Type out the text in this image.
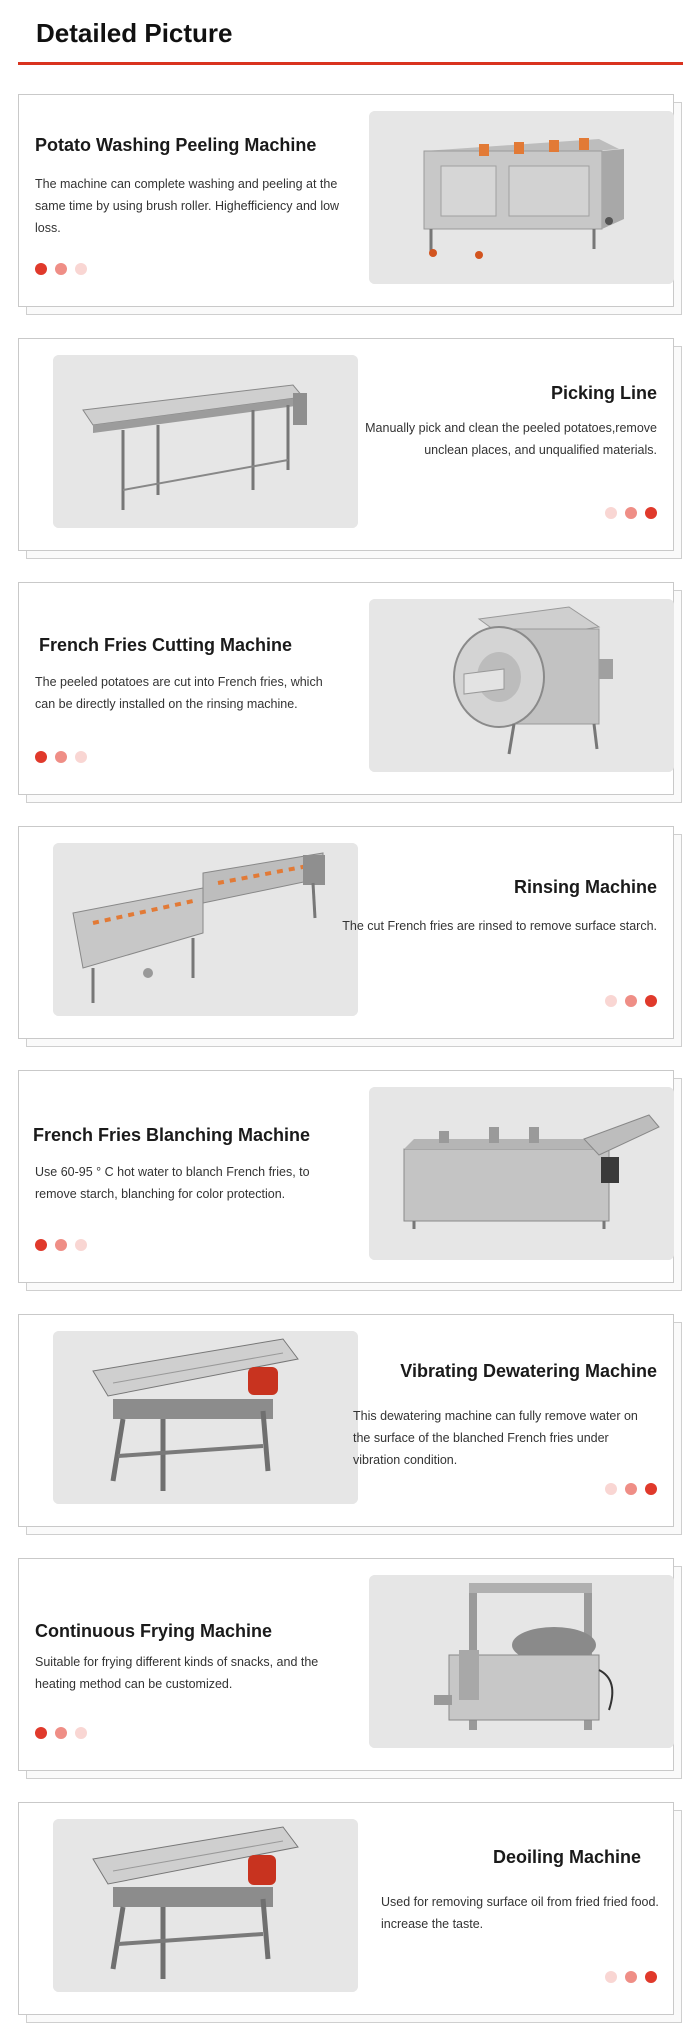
Detailed Picture
Potato Washing Peeling Machine
The machine can complete washing and peeling at the same time by using brush roller. Highefficiency and low loss.
Picking Line
Manually pick and clean the peeled potatoes,remove unclean places, and unqualified materials.
French Fries Cutting Machine
The peeled potatoes are cut into French fries, which can be directly installed on the rinsing machine.
Rinsing Machine
The cut French fries are rinsed to remove surface starch.
French Fries Blanching Machine
Use 60-95 ° C hot water to blanch French fries, to remove starch, blanching for color protection.
Vibrating Dewatering Machine
This dewatering machine can fully remove water on the surface of the blanched French fries under vibration condition.
Continuous Frying Machine
Suitable for frying different kinds of snacks, and the heating method can be customized.
Deoiling Machine
Used for removing surface oil from fried fried food. increase the taste.
